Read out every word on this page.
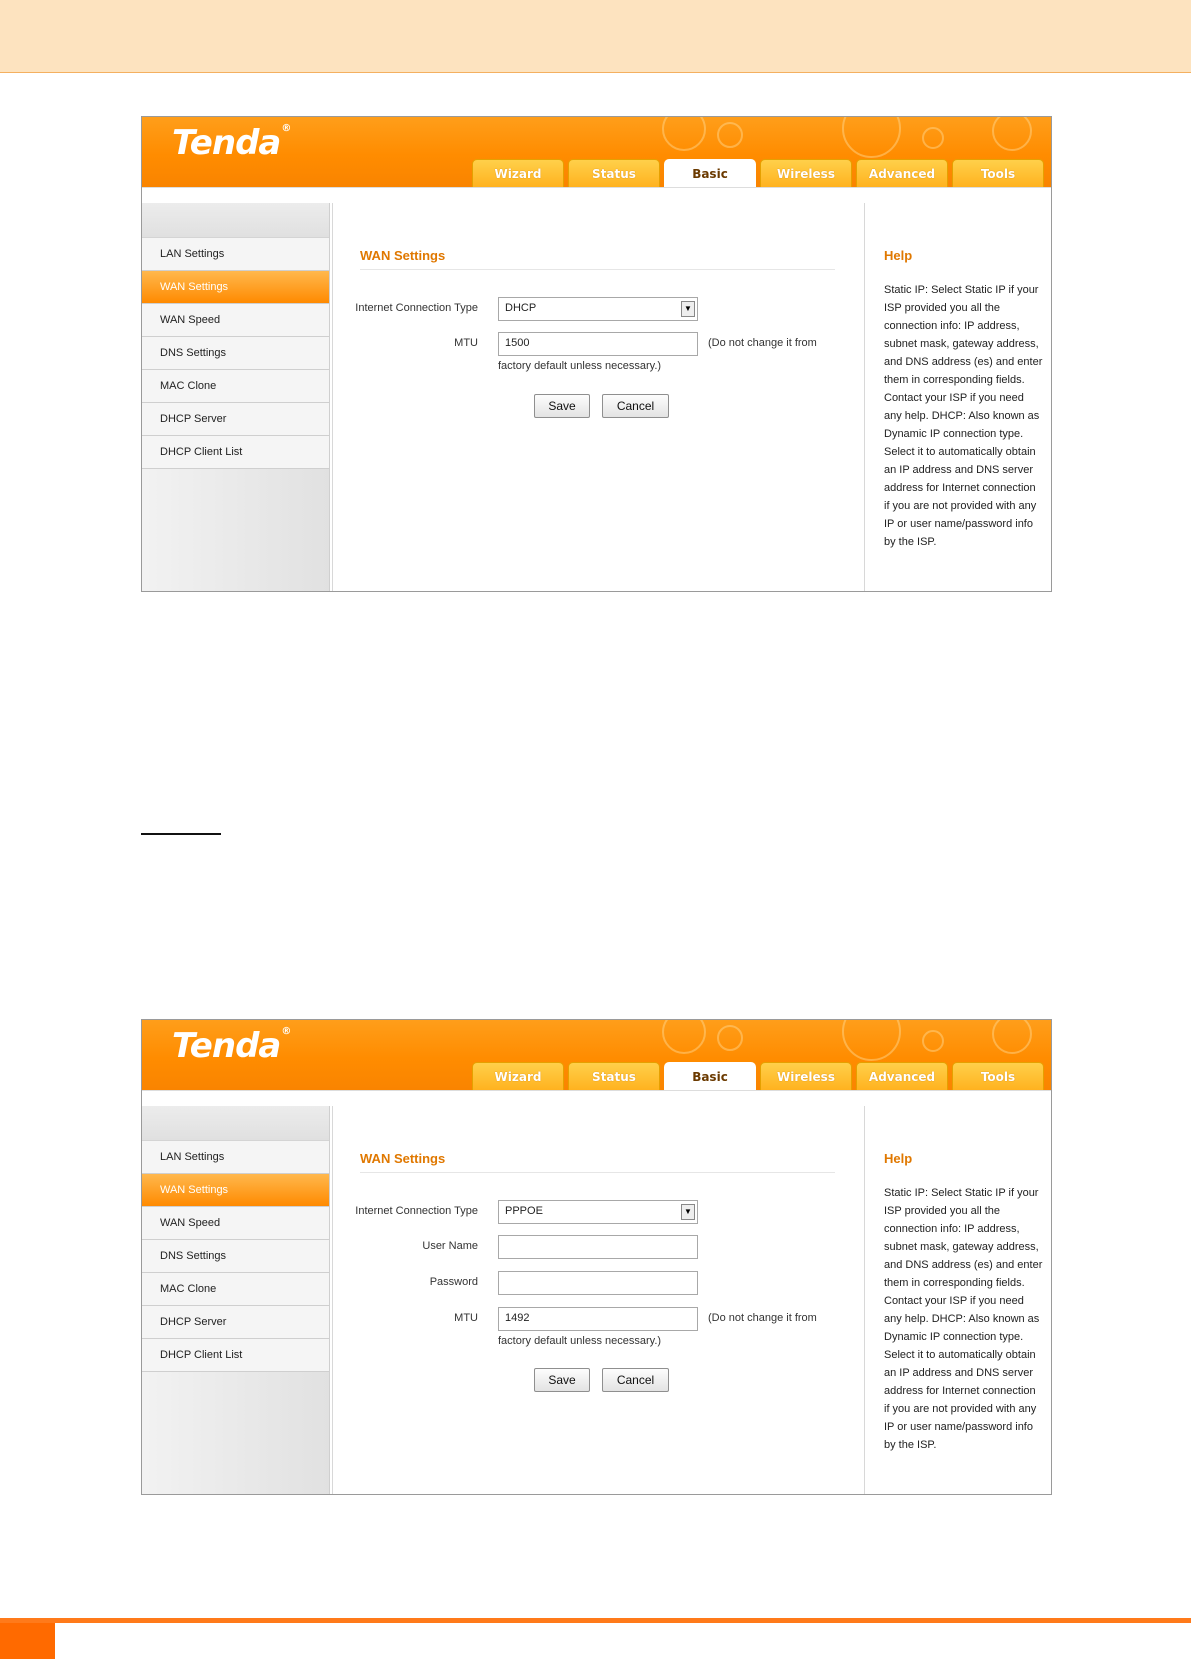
Tenda®
Wizard	Status	Basic	Wireless	Advanced	Tools
LAN Settings
WAN Settings
WAN Speed
DNS Settings
MAC Clone
DHCP Server
DHCP Client List
WAN Settings
Internet Connection Type	DHCP	▼
MTU	1500	(Do not change it from
factory default unless necessary.)
Save	Cancel
Help
Static IP: Select Static IP if your ISP provided you all the connection info: IP address, subnet mask, gateway address, and DNS address (es) and enter them in corresponding fields. Contact your ISP if you need any help. DHCP: Also known as Dynamic IP connection type. Select it to automatically obtain an IP address and DNS server address for Internet connection if you are not provided with any IP or user name/password info by the ISP.
Tenda®
Wizard	Status	Basic	Wireless	Advanced	Tools
LAN Settings
WAN Settings
WAN Speed
DNS Settings
MAC Clone
DHCP Server
DHCP Client List
WAN Settings
Internet Connection Type	PPPOE	▼
User Name
Password
MTU	1492	(Do not change it from
factory default unless necessary.)
Save	Cancel
Help
Static IP: Select Static IP if your ISP provided you all the connection info: IP address, subnet mask, gateway address, and DNS address (es) and enter them in corresponding fields. Contact your ISP if you need any help. DHCP: Also known as Dynamic IP connection type. Select it to automatically obtain an IP address and DNS server address for Internet connection if you are not provided with any IP or user name/password info by the ISP.
